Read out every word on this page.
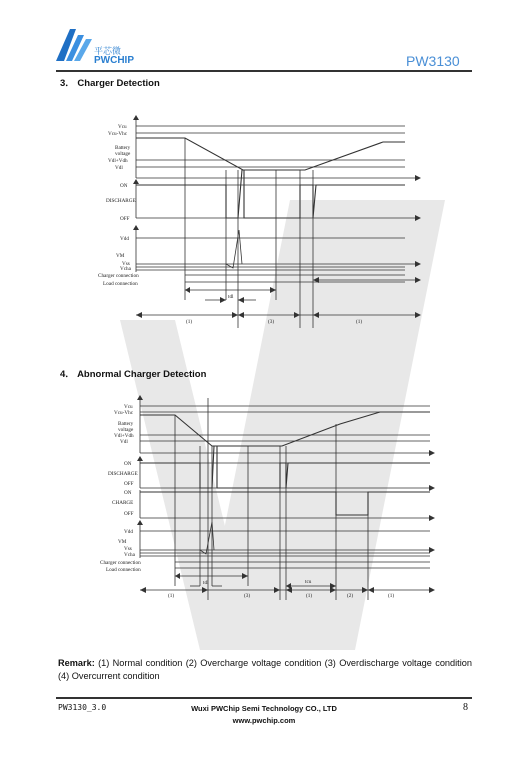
平芯微
PWCHIP	PW3130
3． Charger Detection
Vcu
Vcu-Vhc
Battery
voltage
Vdl+Vdh
Vdl
ON
DISCHARGE
OFF
Vdd
VM
Vss
Vcha
Charger connection
Load connection
tdl
(1)	(3)	(1)
4． Abnormal Charger Detection
Vcu
Vcu-Vhc
Battery
voltage
Vdl+Vdh
Vdl
ON
DISCHARGE
OFF
ON
CHARGE
OFF
Vdd
VM
Vss
Vcha
Charger connection
Load connection
tdl	tcu
(1)	(3)	(1)	(2)	(1)
Remark: (1) Normal condition (2) Overcharge voltage condition (3) Overdischarge voltage condition (4) Overcurrent condition
PW3130_3.0	Wuxi PWChip Semi Technology CO., LTD
www.pwchip.com
8
